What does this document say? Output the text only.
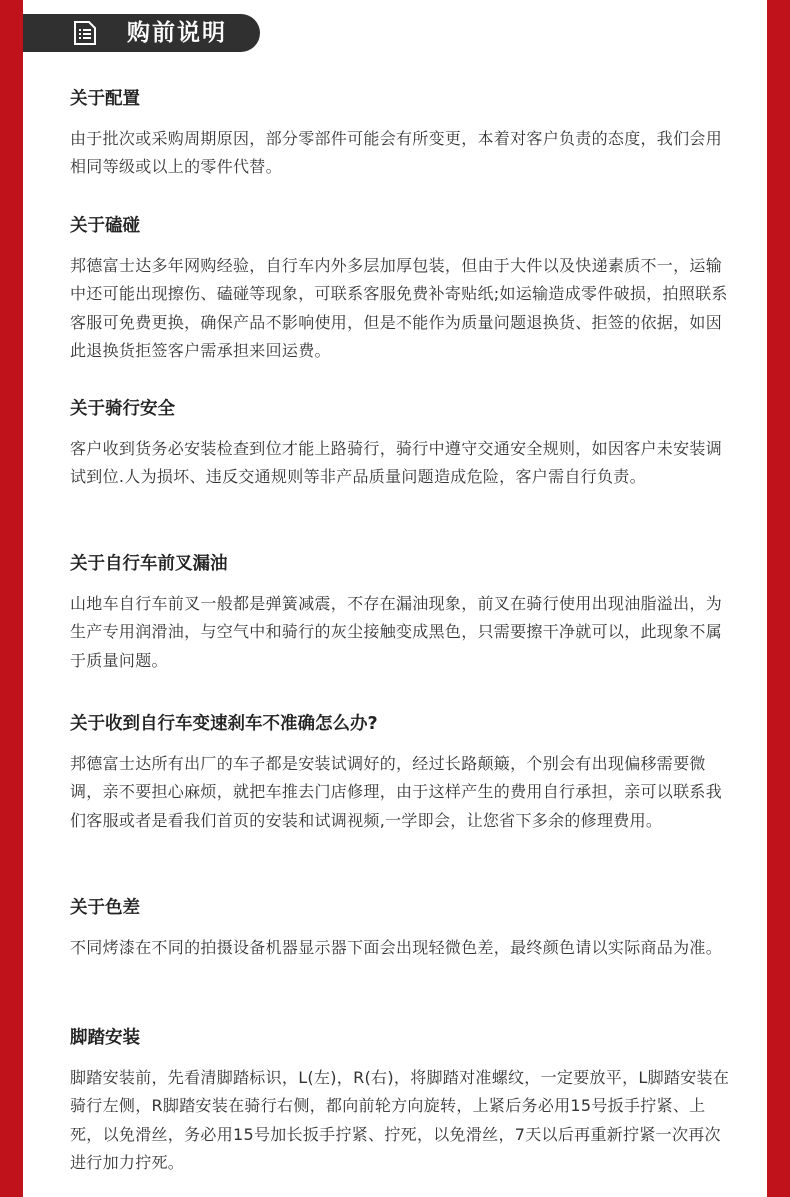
购前说明
关于配置

由于批次或采购周期原因，部分零部件可能会有所变更，本着对客户负责的态度，我们会用相同等级或以上的零件代替。

关于磕碰

邦德富士达多年网购经验，自行车内外多层加厚包装，但由于大件以及快递素质不一，运输中还可能出现擦伤、磕碰等现象，可联系客服免费补寄贴纸;如运输造成零件破损，拍照联系客服可免费更换，确保产品不影响使用，但是不能作为质量问题退换货、拒签的依据，如因此退换货拒签客户需承担来回运费。

关于骑行安全

客户收到货务必安装检查到位才能上路骑行，骑行中遵守交通安全规则，如因客户未安装调试到位.人为损坏、违反交通规则等非产品质量问题造成危险，客户需自行负责。

关于自行车前叉漏油

山地车自行车前叉一般都是弹簧减震，不存在漏油现象，前叉在骑行使用出现油脂溢出，为生产专用润滑油，与空气中和骑行的灰尘接触变成黑色，只需要擦干净就可以，此现象不属于质量问题。

关于收到自行车变速刹车不准确怎么办?

邦德富士达所有出厂的车子都是安装试调好的，经过长路颠簸，个别会有出现偏移需要微调，亲不要担心麻烦，就把车推去门店修理，由于这样产生的费用自行承担，亲可以联系我们客服或者是看我们首页的安装和试调视频,一学即会，让您省下多余的修理费用。

关于色差

不同烤漆在不同的拍摄设备机器显示器下面会出现轻微色差，最终颜色请以实际商品为准。

脚踏安装

脚踏安装前，先看清脚踏标识，L(左)，R(右)，将脚踏对准螺纹，一定要放平，L脚踏安装在骑行左侧，R脚踏安装在骑行右侧，都向前轮方向旋转，上紧后务必用15号扳手拧紧、上死，以免滑丝，务必用15号加长扳手拧紧、拧死，以免滑丝，7天以后再重新拧紧一次再次进行加力拧死。
